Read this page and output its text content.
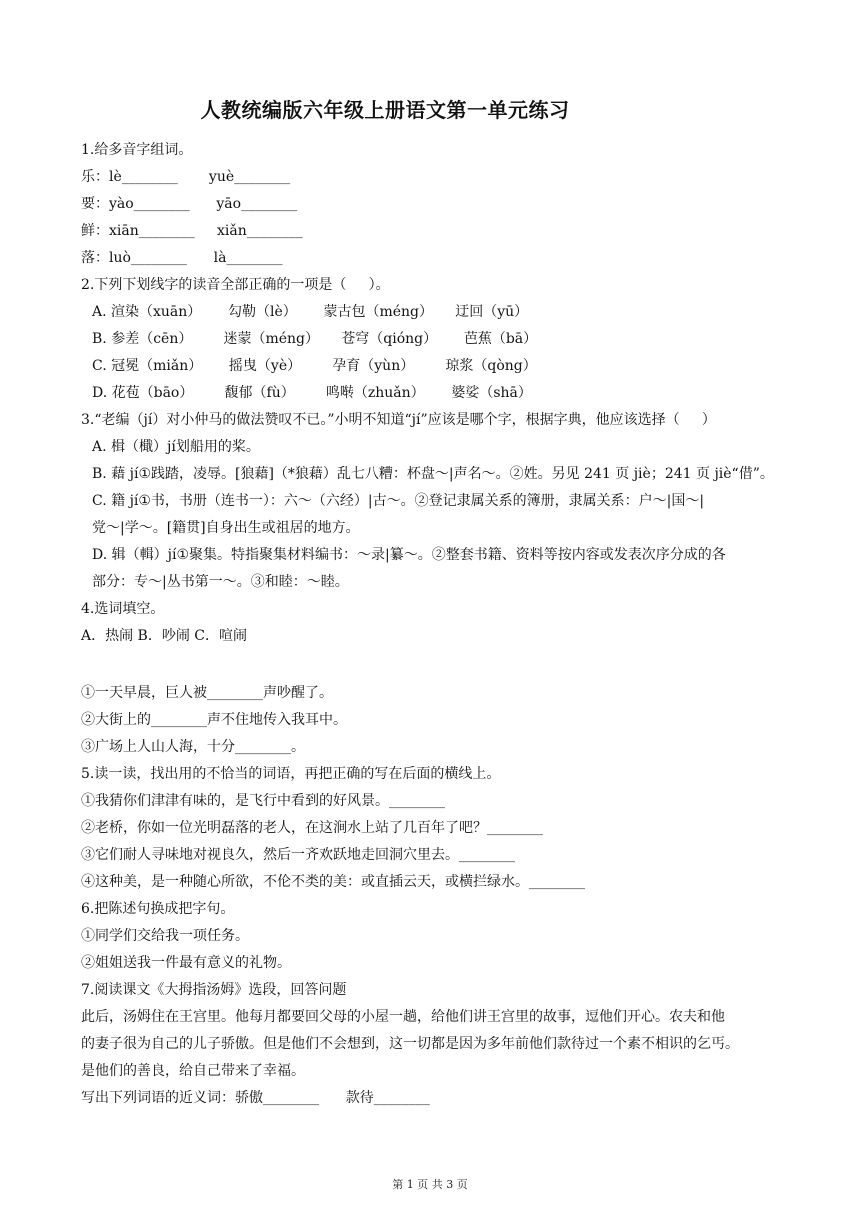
人教统编版六年级上册语文第一单元练习
1.给多音字组词。
乐：lè________       yuè________
要：yào________      yāo________
鲜：xiān________     xiǎn________
落：luò________      là________
2.下列下划线字的读音全部正确的一项是（     ）。
A. 渲染（xuān）      勾勒（lè）      蒙古包（méng）     迂回（yū）
B. 参差（cēn）       迷蒙（méng）     苍穹（qióng）      芭蕉（bā）
C. 冠冕（miǎn）      摇曳（yè）       孕育（yùn）       琼浆（qòng）
D. 花苞（bāo）       馥郁（fù）       鸣啭（zhuǎn）      婆娑（shā）
3.“老编（jí）对小仲马的做法赞叹不已。”小明不知道“jí”应该是哪个字，根据字典，他应该选择（     ）
A. 楫（檝）jí划船用的桨。
B. 藉 jí①践踏，凌辱。[狼藉]（*狼藉）乱七八糟：杯盘～|声名～。②姓。另见 241 页 jiè；241 页 jiè“借”。
C. 籍 jí①书，书册（连书一）：六～（六经）|古～。②登记隶属关系的簿册，隶属关系：户～|国～|
党～|学～。[籍贯]自身出生或祖居的地方。
D. 辑（輯）jí①聚集。特指聚集材料编书：～录|纂～。②整套书籍、资料等按内容或发表次序分成的各
部分：专～|丛书第一～。③和睦：～睦。
4.选词填空。
A．热闹 B．吵闹 C．喧闹
①一天早晨，巨人被________声吵醒了。
②大街上的________声不住地传入我耳中。
③广场上人山人海，十分________。
5.读一读，找出用的不恰当的词语，再把正确的写在后面的横线上。
①我猜你们津津有味的，是飞行中看到的好风景。________
②老桥，你如一位光明磊落的老人，在这涧水上站了几百年了吧？________
③它们耐人寻味地对视良久，然后一齐欢跃地走回洞穴里去。________
④这种美，是一种随心所欲，不伦不类的美：或直插云天，或横拦绿水。________
6.把陈述句换成把字句。
①同学们交给我一项任务。
②姐姐送我一件最有意义的礼物。
7.阅读课文《大拇指汤姆》选段，回答问题
此后，汤姆住在王宫里。他每月都要回父母的小屋一趟，给他们讲王宫里的故事，逗他们开心。农夫和他
的妻子很为自己的儿子骄傲。但是他们不会想到，这一切都是因为多年前他们款待过一个素不相识的乞丐。
是他们的善良，给自己带来了幸福。
写出下列词语的近义词：骄傲________      款待________
第 1 页 共 3 页
